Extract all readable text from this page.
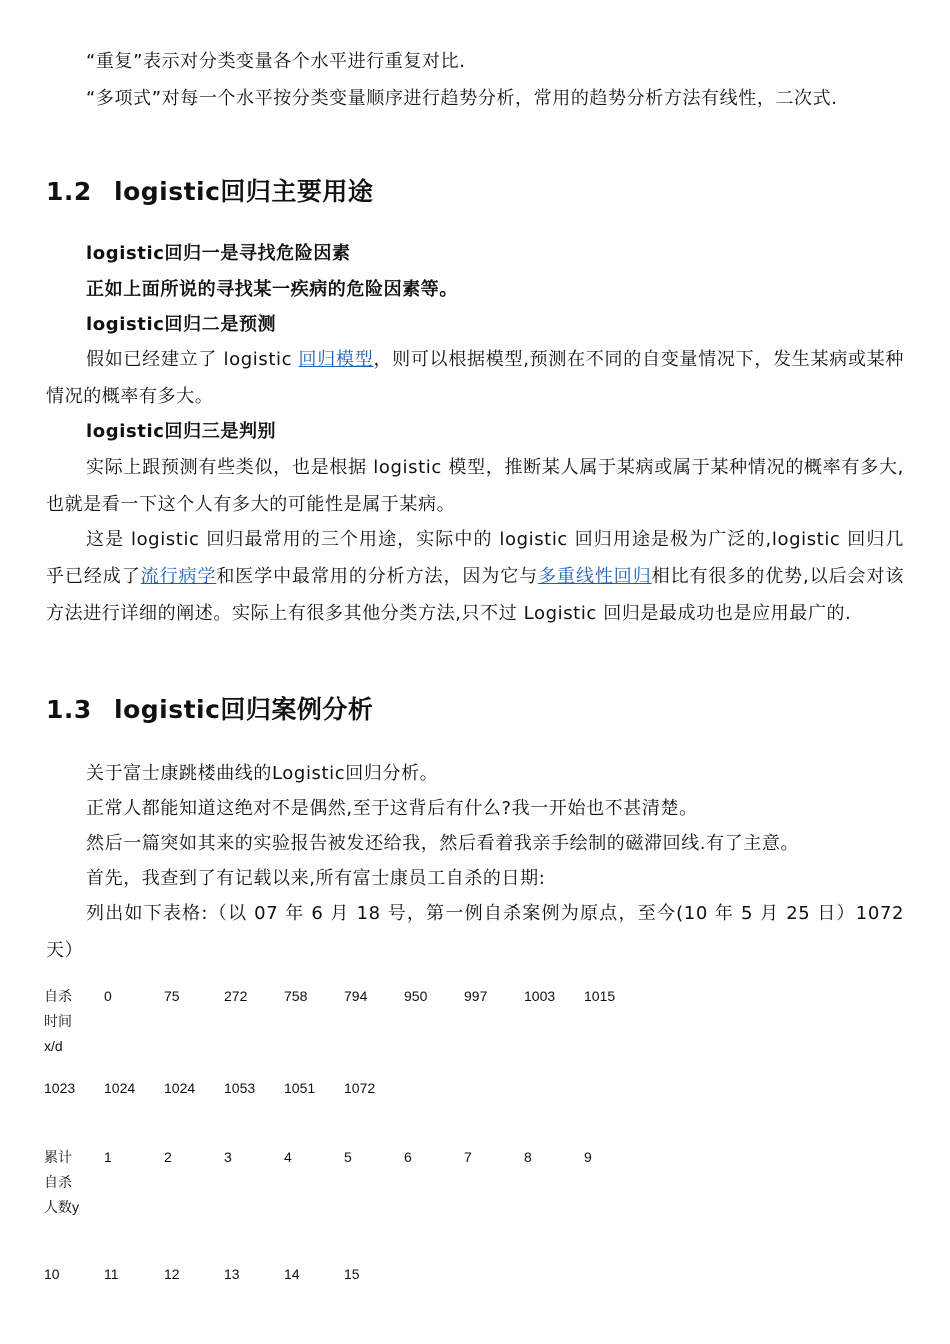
“重复”表示对分类变量各个水平进行重复对比.

“多项式”对每一个水平按分类变量顺序进行趋势分析，常用的趋势分析方法有线性，二次式.

1.2 logistic回归主要用途

logistic回归一是寻找危险因素

正如上面所说的寻找某一疾病的危险因素等。

logistic回归二是预测

假如已经建立了 logistic 回归模型，则可以根据模型,预测在不同的自变量情况下，发生某病或某种情况的概率有多大。

logistic回归三是判别

实际上跟预测有些类似，也是根据 logistic 模型，推断某人属于某病或属于某种情况的概率有多大,也就是看一下这个人有多大的可能性是属于某病。

这是 logistic 回归最常用的三个用途，实际中的 logistic 回归用途是极为广泛的,logistic 回归几乎已经成了流行病学和医学中最常用的分析方法，因为它与多重线性回归相比有很多的优势,以后会对该方法进行详细的阐述。实际上有很多其他分类方法,只不过 Logistic 回归是最成功也是应用最广的.

1.3 logistic回归案例分析

关于富士康跳楼曲线的Logistic回归分析。

正常人都能知道这绝对不是偶然,至于这背后有什么?我一开始也不甚清楚。

然后一篇突如其来的实验报告被发还给我，然后看着我亲手绘制的磁滞回线.有了主意。

首先，我查到了有记载以来,所有富士康员工自杀的日期:

列出如下表格:（以 07 年 6 月 18 号，第一例自杀案例为原点，至今(10 年 5 月 25 日）1072 天）

自杀时间x/d
	0	75	272	758	794	950	997	1003	1015
1023	1024	1024	1053	1051	1072
累计自杀人数y
	1	2	3	4	5	6	7	8	9
10	11	12	13	14	15
